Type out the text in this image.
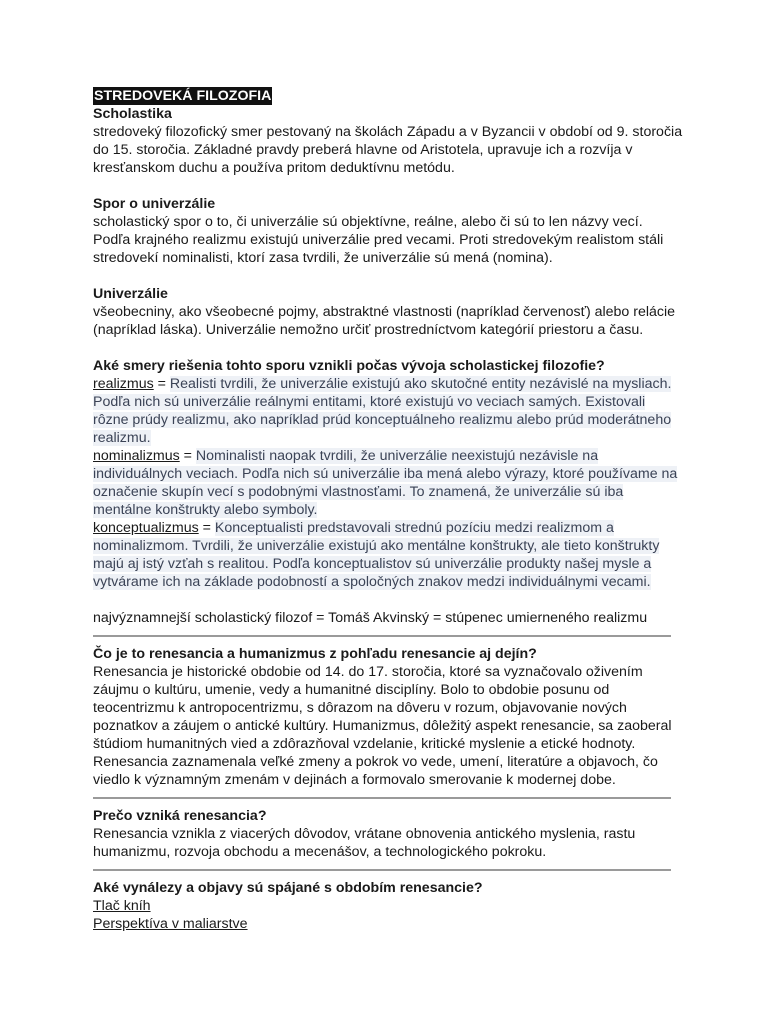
STREDOVEKÁ FILOZOFIA
Scholastika

stredoveký filozofický smer pestovaný na školách Západu a v Byzancii v období od 9. storočia do 15. storočia. Základné pravdy preberá hlavne od Aristotela, upravuje ich a rozvíja v kresťanskom duchu a používa pritom deduktívnu metódu.

Spor o univerzálie

scholastický spor o to, či univerzálie sú objektívne, reálne, alebo či sú to len názvy vecí. Podľa krajného realizmu existujú univerzálie pred vecami. Proti stredovekým realistom stáli stredovekí nominalisti, ktorí zasa tvrdili, že univerzálie sú mená (nomina).

Univerzálie

všeobecniny, ako všeobecné pojmy, abstraktné vlastnosti (napríklad červenosť) alebo relácie (napríklad láska). Univerzálie nemožno určiť prostredníctvom kategórií priestoru a času.

Aké smery riešenia tohto sporu vznikli počas vývoja scholastickej filozofie?

realizmus = Realisti tvrdili, že univerzálie existujú ako skutočné entity nezávislé na mysliach. Podľa nich sú univerzálie reálnymi entitami, ktoré existujú vo veciach samých. Existovali rôzne prúdy realizmu, ako napríklad prúd konceptuálneho realizmu alebo prúd moderátneho realizmu.

nominalizmus = Nominalisti naopak tvrdili, že univerzálie neexistujú nezávisle na individuálnych veciach. Podľa nich sú univerzálie iba mená alebo výrazy, ktoré používame na označenie skupín vecí s podobnými vlastnosťami. To znamená, že univerzálie sú iba mentálne konštrukty alebo symboly.

konceptualizmus = Konceptualisti predstavovali strednú pozíciu medzi realizmom a nominalizmom. Tvrdili, že univerzálie existujú ako mentálne konštrukty, ale tieto konštrukty majú aj istý vzťah s realitou. Podľa konceptualistov sú univerzálie produkty našej mysle a vytvárame ich na základe podobností a spoločných znakov medzi individuálnymi vecami.

najvýznamnejší scholastický filozof = Tomáš Akvinský = stúpenec umierneného realizmu

Čo je to renesancia a humanizmus z pohľadu renesancie aj dejín?

Renesancia je historické obdobie od 14. do 17. storočia, ktoré sa vyznačovalo oživením záujmu o kultúru, umenie, vedy a humanitné disciplíny. Bolo to obdobie posunu od teocentrizmu k antropocentrizmu, s dôrazom na dôveru v rozum, objavovanie nových poznatkov a záujem o antické kultúry. Humanizmus, dôležitý aspekt renesancie, sa zaoberal štúdiom humanitných vied a zdôrazňoval vzdelanie, kritické myslenie a etické hodnoty. Renesancia zaznamenala veľké zmeny a pokrok vo vede, umení, literatúre a objavoch, čo viedlo k významným zmenám v dejinách a formovalo smerovanie k modernej dobe.

Prečo vzniká renesancia?

Renesancia vznikla z viacerých dôvodov, vrátane obnovenia antického myslenia, rastu humanizmu, rozvoja obchodu a mecenášov, a technologického pokroku.

Aké vynálezy a objavy sú spájané s obdobím renesancie?
Tlač kníh
Perspektíva v maliarstve
